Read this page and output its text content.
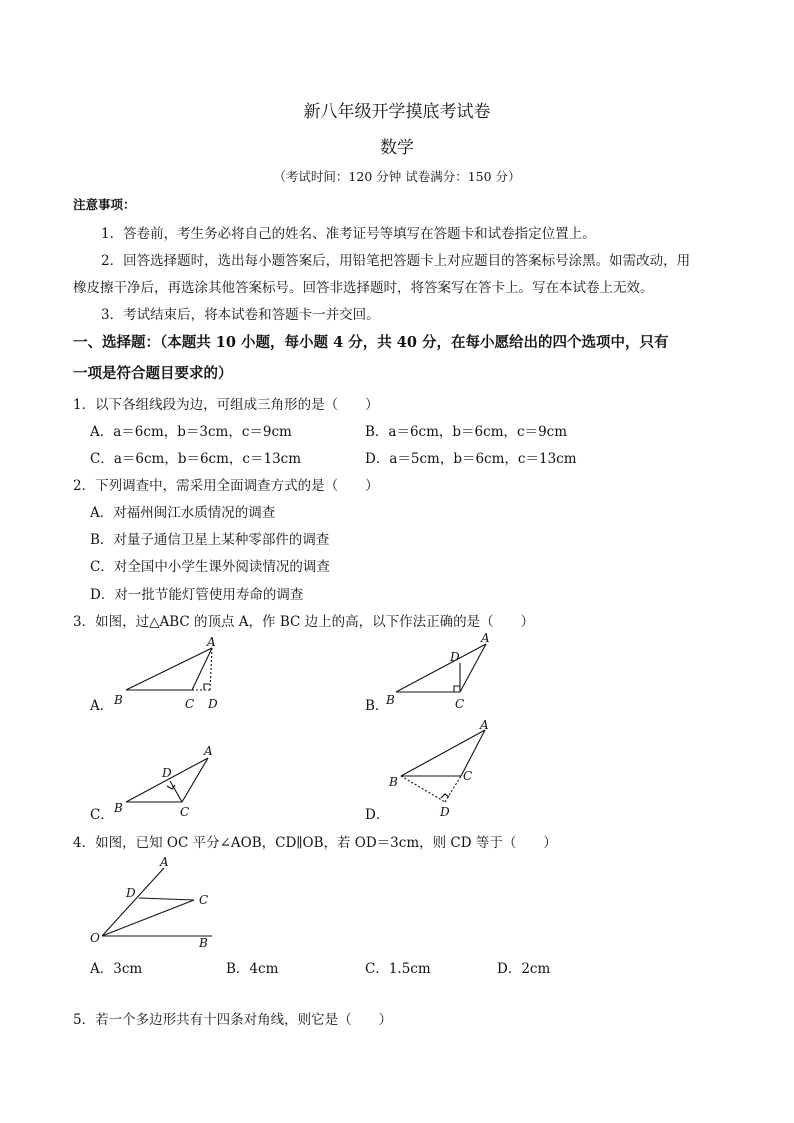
新八年级开学摸底考试卷
数学
（考试时间：120 分钟 试卷满分：150 分）
注意事项：
1．答卷前，考生务必将自己的姓名、准考证号等填写在答题卡和试卷指定位置上。
2．回答选择题时，选出每小题答案后，用铅笔把答题卡上对应题目的答案标号涂黑。如需改动，用
橡皮擦干净后，再选涂其他答案标号。回答非选择题时，将答案写在答卡上。写在本试卷上无效。
3．考试结束后，将本试卷和答题卡一并交回。
一、选择题：（本题共 10 小题，每小题 4 分，共 40 分，在每小愿给出的四个选项中，只有
一项是符合题目要求的）
1．以下各组线段为边，可组成三角形的是（　　）
A．a＝6cm，b＝3cm，c＝9cm	B．a＝6cm，b＝6cm，c＝9cm
C．a＝6cm，b＝6cm，c＝13cm	D．a＝5cm，b＝6cm，c＝13cm
2．下列调查中，需采用全面调查方式的是（　　）
A．对福州闽江水质情况的调查
B．对量子通信卫星上某种零部件的调查
C．对全国中小学生课外阅读情况的调查
D．对一批节能灯管使用寿命的调查
3．如图，过△ABC 的顶点 A，作 BC 边上的高，以下作法正确的是（　　）
A．
A
B	C D	B．
A
D
B	C
C．
A
D
B	C	D．
A
B	C
D
4．如图，已知 OC 平分∠AOB，CD∥OB，若 OD＝3cm，则 CD 等于（　　）
A
D	C
O	B
A．3cm	B．4cm	C．1.5cm	D．2cm
5．若一个多边形共有十四条对角线，则它是（　　）
